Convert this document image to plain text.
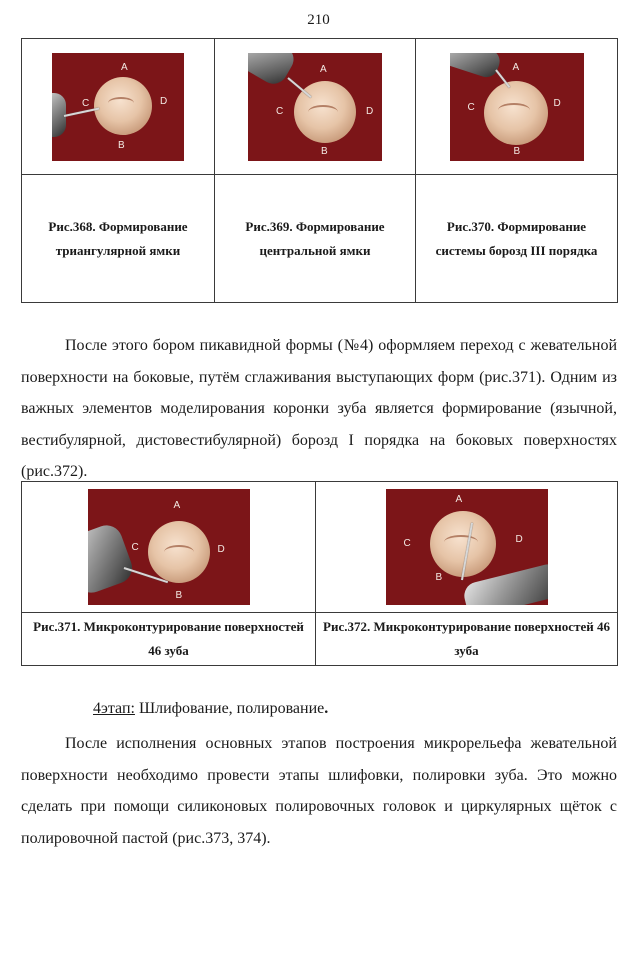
210
A
B
C D	A
B
C D	A
B
C D

Рис.368. Формирование триангулярной ямки	Рис.369. Формирование центральной ямки	Рис.370. Формирование системы борозд III порядка
После этого бором пикавидной формы (№4) оформляем переход с жевательной поверхности на боковые, путём сглаживания выступающих форм (рис.371). Одним из важных элементов моделирования коронки зуба является формирование (язычной, вестибулярной, дистовестибулярной) борозд I порядка на боковых поверхностях (рис.372).
A
B
C D	A
B
C D

Рис.371. Микроконтурирование поверхностей 46 зуба	Рис.372. Микроконтурирование поверхностей 46 зуба
4этап: Шлифование, полирование.
После исполнения основных этапов построения микрорельефа жевательной поверхности необходимо провести этапы шлифовки, полировки зуба. Это можно сделать при помощи силиконовых полировочных головок и циркулярных щёток с полировочной пастой (рис.373, 374).
